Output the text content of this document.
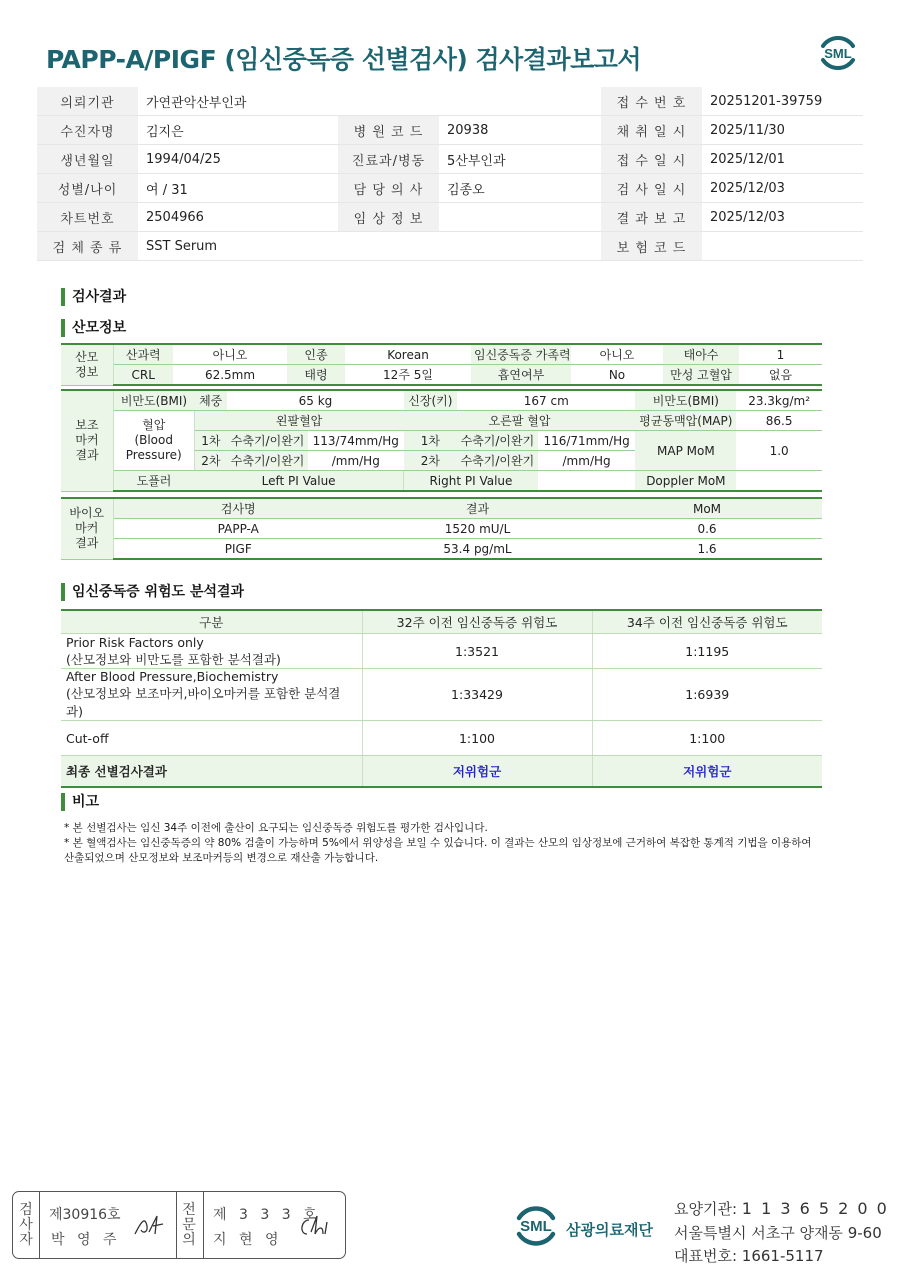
PAPP-A/PIGF (임신중독증 선별검사) 검사결과보고서	SML
의뢰기관	가연관악산부인과			접 수 번 호	20251201-39759
수진자명	김지은	병 원 코 드	20938	채 취 일 시	2025/11/30
생년월일	1994/04/25	진료과/병동	5산부인과	접 수 일 시	2025/12/01
성별/나이	여 / 31	담 당 의 사	김종오	검 사 일 시	2025/12/03
차트번호	2504966	임 상 정 보		결 과 보 고	2025/12/03
검 체 종 류	SST Serum			보 험 코 드	
검사결과
산모정보
산모
정보	산과력	아니오	인종	Korean	임신중독증 가족력	아니오	태아수	1
	CRL	62.5mm	태령	12주 5일	흡연여부	No	만성 고혈압	없음
보조
마커
결과	비만도(BMI)	체중	65 kg		신장(키)	167 cm		비만도(BMI)	23.3kg/m²
	혈압
(Blood
Pressure)	왼팔혈압			오른팔 혈압			평균동맥압(MAP)	86.5
		1차	수축기/이완기	113/74mm/Hg	1차	수축기/이완기	116/71mm/Hg	MAP MoM	1.0
		2차	수축기/이완기	/mm/Hg	2차	수축기/이완기	/mm/Hg		
	도플러	Left PI Value			Right PI Value			Doppler MoM	
바이오
마커
결과	검사명	결과	MoM
	PAPP-A	1520 mU/L	0.6
	PIGF	53.4 pg/mL	1.6
임신중독증 위험도 분석결과
구분	32주 이전 임신중독증 위험도	34주 이전 임신중독증 위험도

Prior Risk Factors only
(산모정보와 비만도를 포함한 분석결과)	1:3521	1:1195

After Blood Pressure,Biochemistry
(산모정보와 보조마커,바이오마커를 포함한 분석결과)	1:33429	1:6939
Cut-off	1:100	1:100
최종 선별검사결과	저위험군	저위험군
비고
* 본 선별검사는 임신 34주 이전에 출산이 요구되는 임신중독증 위험도를 평가한 검사입니다.
* 본 혈액검사는 임신중독증의 약 80% 검출이 가능하며 5%에서 위양성을 보일 수 있습니다. 이 결과는 산모의 임상정보에 근거하여 복잡한 통계적 기법을 이용하여 산출되었으며 산모정보와 보조마커등의 변경으로 재산출 가능합니다.
검
사
자
제30916호
박 영 주
전
문
의
제 3 3 3 호
지 현 영
SML 삼광의료재단
요양기관: 1 1 3 6 5 2 0 0
서울특별시 서초구 양재동 9-60
대표번호: 1661-5117
